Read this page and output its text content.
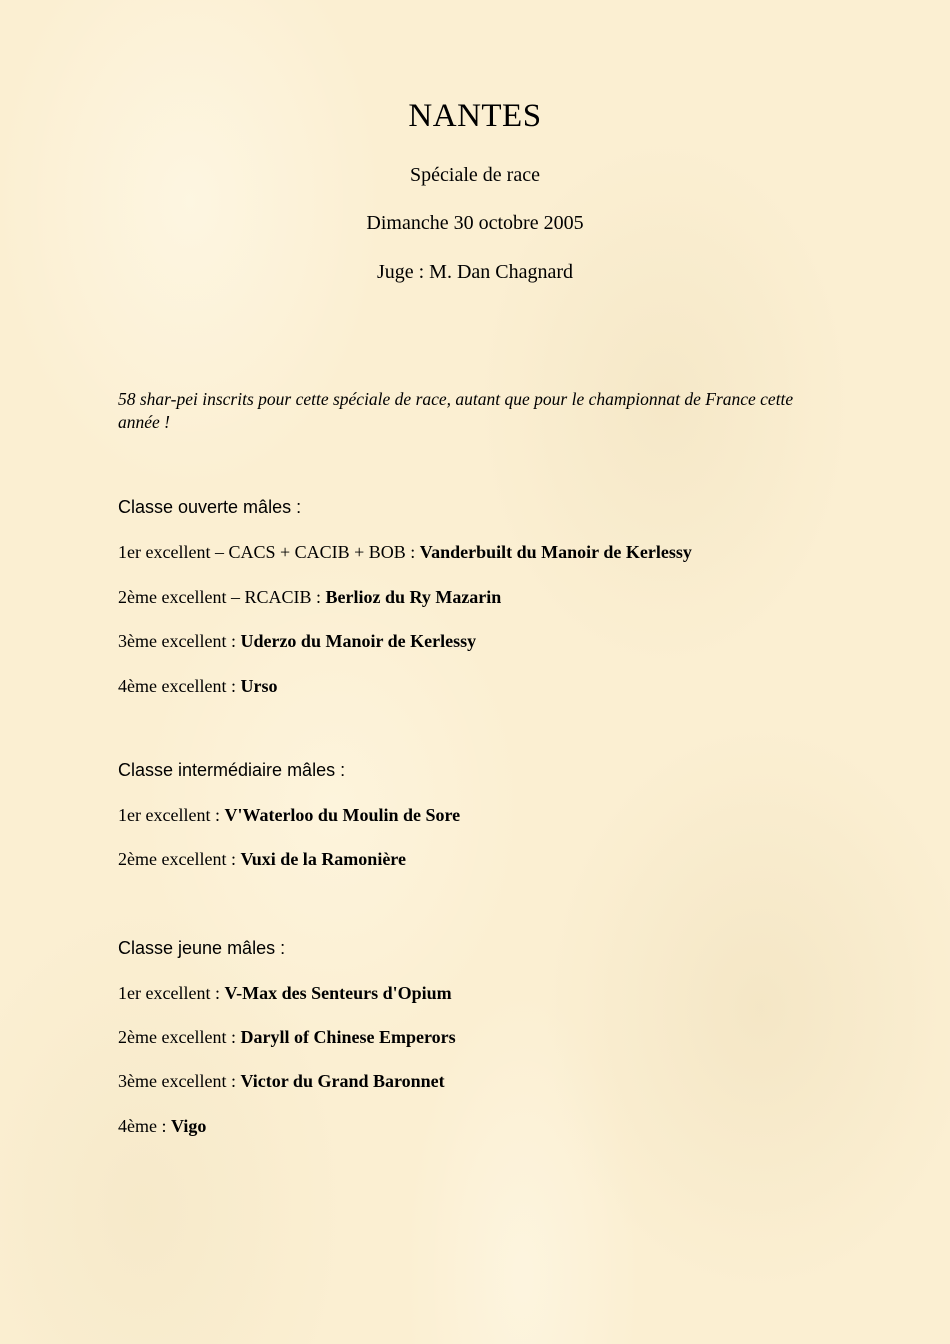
NANTES
Spéciale de race
Dimanche 30 octobre 2005
Juge : M. Dan Chagnard
58 shar-pei inscrits pour cette spéciale de race, autant que pour le championnat de France cette année !
Classe ouverte mâles :
1er excellent – CACS + CACIB + BOB : Vanderbuilt du Manoir de Kerlessy
2ème excellent – RCACIB : Berlioz du Ry Mazarin
3ème excellent : Uderzo du Manoir de Kerlessy
4ème excellent : Urso
Classe intermédiaire mâles :
1er excellent : V'Waterloo du Moulin de Sore
2ème excellent : Vuxi de la Ramonière
Classe jeune mâles :
1er excellent : V-Max des Senteurs d'Opium
2ème excellent : Daryll of Chinese Emperors
3ème excellent : Victor du Grand Baronnet
4ème : Vigo
